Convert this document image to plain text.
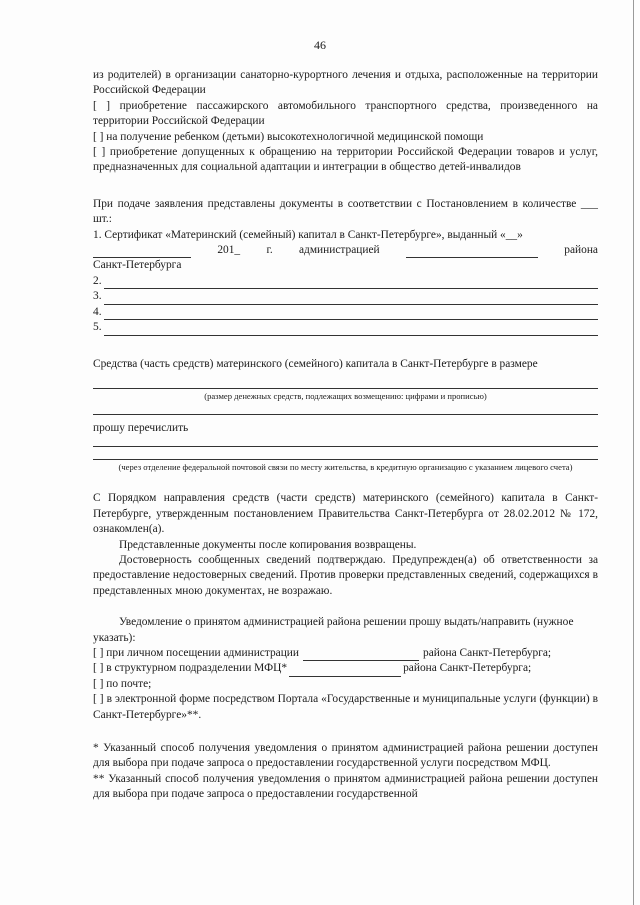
46

из родителей) в организации санаторно-курортного лечения и отдыха, расположенные на территории Российской Федерации

[ ] приобретение пассажирского автомобильного транспортного средства, произведенного на территории Российской Федерации

[ ] на получение ребенком (детьми) высокотехнологичной медицинской помощи

[ ] приобретение допущенных к обращению на территории Российской Федерации товаров и услуг, предназначенных для социальной адаптации и интеграции в общество детей-инвалидов

При подаче заявления представлены документы в соответствии с Постановлением в количестве ___ шт.:

1. Сертификат «Материнский (семейный) капитал в Санкт-Петербурге», выданный «__»

201_ г. администрацией	района

Санкт-Петербурга

2.
3.
4.
5.

Средства (часть средств) материнского (семейного) капитала в Санкт-Петербурге в размере

(размер денежных средств, подлежащих возмещению: цифрами и прописью)

прошу перечислить

(через отделение федеральной почтовой связи по месту жительства, в кредитную организацию с указанием лицевого счета)

С Порядком направления средств (части средств) материнского (семейного) капитала в Санкт-Петербурге, утвержденным постановлением Правительства Санкт-Петербурга от 28.02.2012 № 172, ознакомлен(а).

Представленные документы после копирования возвращены.

Достоверность сообщенных сведений подтверждаю. Предупрежден(а) об ответственности за предоставление недостоверных сведений. Против проверки представленных сведений, содержащихся в представленных мною документах, не возражаю.

Уведомление о принятом администрацией района решении прошу выдать/направить (нужное указать):

[ ] при личном посещении администрации	района Санкт-Петербурга;
[ ] в структурном подразделении МФЦ*	района Санкт-Петербурга;

[ ] по почте;

[ ] в электронной форме посредством Портала «Государственные и муниципальные услуги (функции) в Санкт-Петербурге»**.

* Указанный способ получения уведомления о принятом администрацией района решении доступен для выбора при подаче запроса о предоставлении государственной услуги посредством МФЦ.

** Указанный способ получения уведомления о принятом администрацией района решении доступен для выбора при подаче запроса о предоставлении государственной
